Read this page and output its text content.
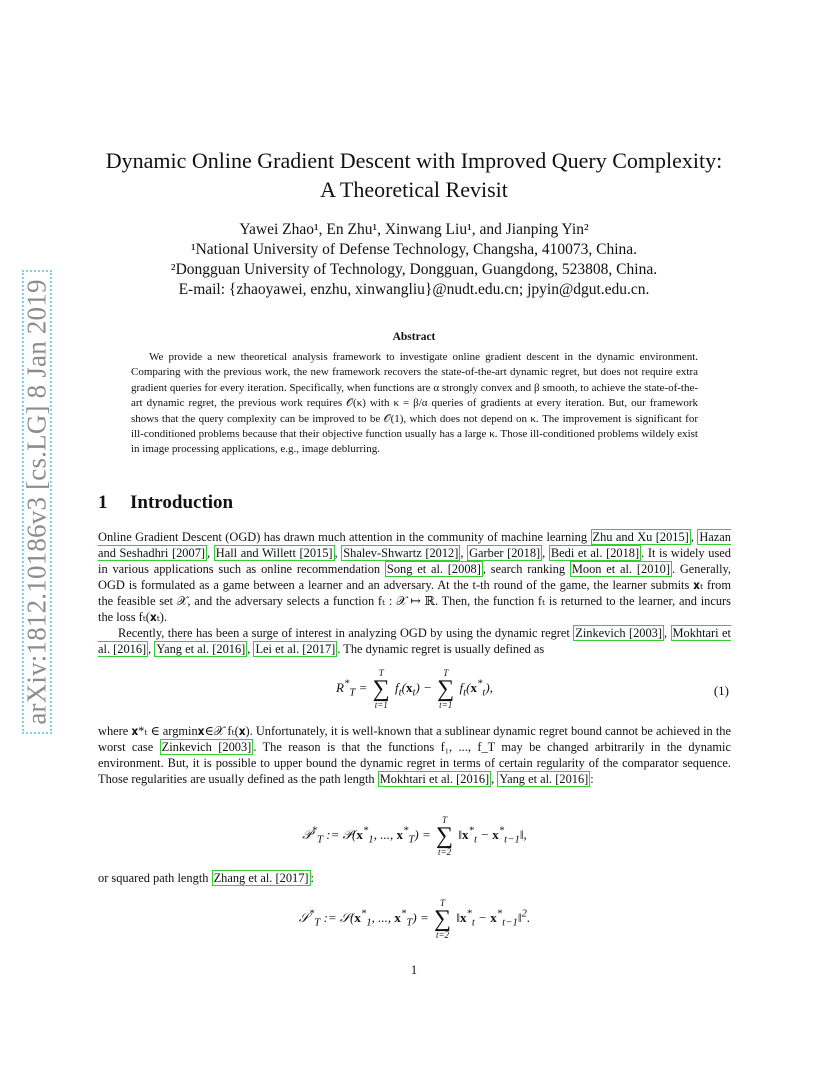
arXiv:1812.10186v3 [cs.LG] 8 Jan 2019
Dynamic Online Gradient Descent with Improved Query Complexity: A Theoretical Revisit
Yawei Zhao¹, En Zhu¹, Xinwang Liu¹, and Jianping Yin²
¹National University of Defense Technology, Changsha, 410073, China.
²Dongguan University of Technology, Dongguan, Guangdong, 523808, China.
E-mail: {zhaoyawei, enzhu, xinwangliu}@nudt.edu.cn; jpyin@dgut.edu.cn.
Abstract
We provide a new theoretical analysis framework to investigate online gradient descent in the dynamic environment. Comparing with the previous work, the new framework recovers the state-of-the-art dynamic regret, but does not require extra gradient queries for every iteration. Specifically, when functions are α strongly convex and β smooth, to achieve the state-of-the-art dynamic regret, the previous work requires 𝒪(κ) with κ = β/α queries of gradients at every iteration. But, our framework shows that the query complexity can be improved to be 𝒪(1), which does not depend on κ. The improvement is significant for ill-conditioned problems because that their objective function usually has a large κ. Those ill-conditioned problems wildely exist in image processing applications, e.g., image deblurring.
1 Introduction
Online Gradient Descent (OGD) has drawn much attention in the community of machine learning Zhu and Xu [2015] , Hazan and Seshadhri [2007] , Hall and Willett [2015] , Shalev-Shwartz [2012] , Garber [2018] , Bedi et al. [2018] . It is widely used in various applications such as online recommendation Song et al. [2008] , search ranking Moon et al. [2010] . Generally, OGD is formulated as a game between a learner and an adversary. At the t-th round of the game, the learner submits 𝐱ₜ from the feasible set 𝒳, and the adversary selects a function fₜ : 𝒳 ↦ ℝ. Then, the function fₜ is returned to the learner, and incurs the loss fₜ(𝐱ₜ).
Recently, there has been a surge of interest in analyzing OGD by using the dynamic regret Zinkevich [2003] , Mokhtari et al. [2016] , Yang et al. [2016] , Lei et al. [2017] . The dynamic regret is usually defined as
$R^*_T$ =
T
∑
t=1
$f_t(x_t)$ −
T
∑
t=1
$f_t(x^*_t)$,	(1)
where 𝐱*ₜ ∈ argmin𝐱∈𝒳 fₜ(𝐱). Unfortunately, it is well-known that a sublinear dynamic regret bound cannot be achieved in the worst case Zinkevich [2003] . The reason is that the functions f₁, ..., f_T may be changed arbitrarily in the dynamic environment. But, it is possible to upper bound the dynamic regret in terms of certain regularity of the comparator sequence. Those regularities are usually defined as the path length Mokhtari et al. [2016] , Yang et al. [2016] :
𝒫*$_T$ := $𝒫(x^*_1$, ..., $x^*_T$) =
T
∑
t=2
$‖x^*_t$ − $x^*_{t-1}‖$,
or squared path length Zhang et al. [2017] :
𝒮*$_T$ := $𝒮(x^*_1$, ..., $x^*_T$) =
T
∑
t=2
$‖x^*_t$ − $x^*_{t-1}‖^2$.
1
